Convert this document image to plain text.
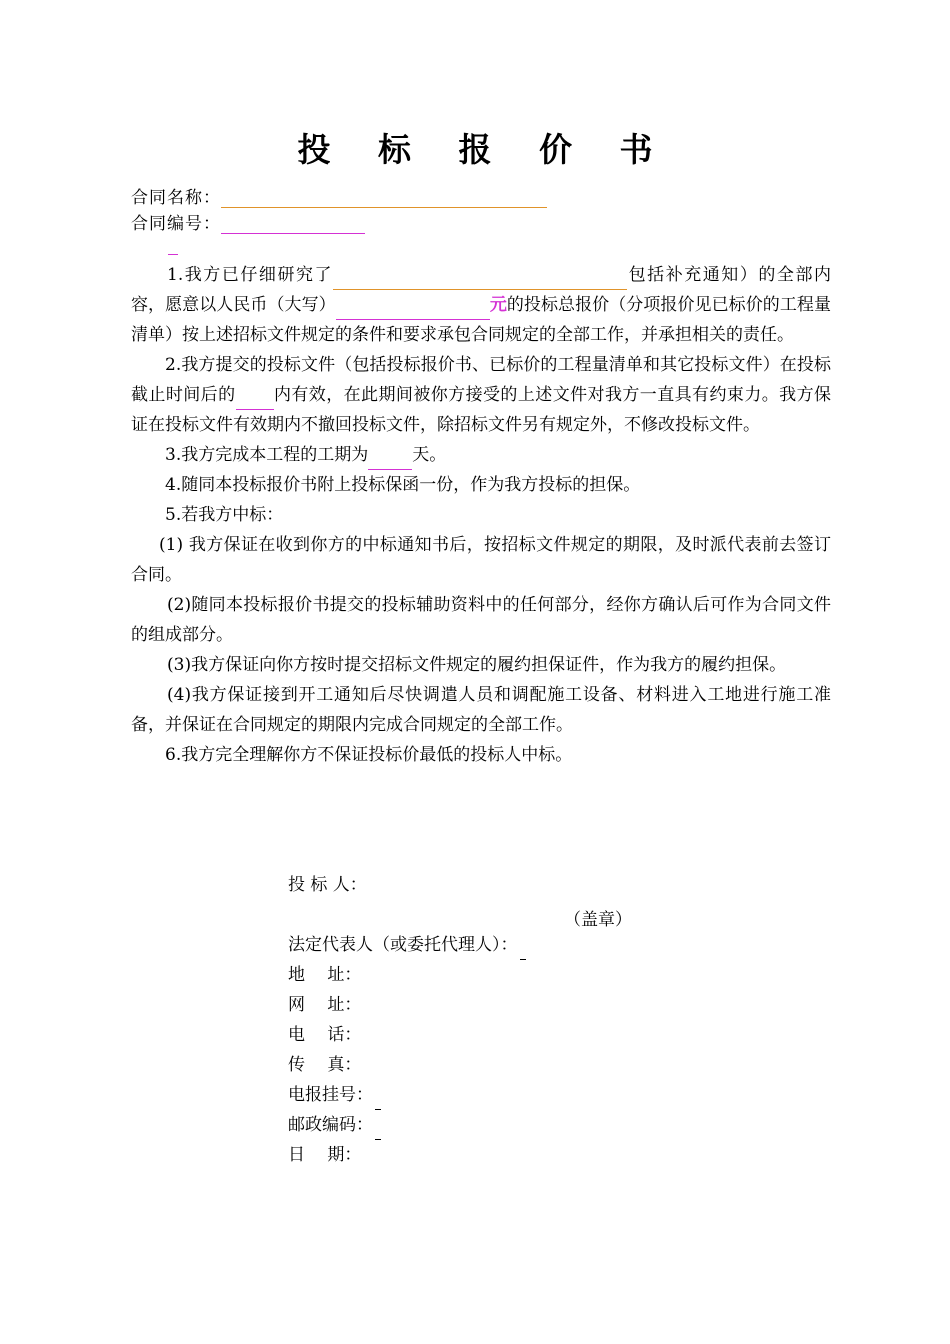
投 标 报 价 书
合同名称：
合同编号：

1.我方已仔细研究了	包括补充通知）的全部内容，愿意以人民币（大写）	元的投标总报价（分项报价见已标价的工程量清单）按上述招标文件规定的条件和要求承包合同规定的全部工作，并承担相关的责任。

2.我方提交的投标文件（包括投标报价书、已标价的工程量清单和其它投标文件）在投标截止时间后的 内有效，在此期间被你方接受的上述文件对我方一直具有约束力。我方保证在投标文件有效期内不撤回投标文件，除招标文件另有规定外，不修改投标文件。

3.我方完成本工程的工期为	天。

4.随同本投标报价书附上投标保函一份，作为我方投标的担保。

5.若我方中标：

(1) 我方保证在收到你方的中标通知书后，按招标文件规定的期限，及时派代表前去签订合同。

(2)随同本投标报价书提交的投标辅助资料中的任何部分，经你方确认后可作为合同文件的组成部分。

(3)我方保证向你方按时提交招标文件规定的履约担保证件，作为我方的履约担保。

(4)我方保证接到开工通知后尽快调遣人员和调配施工设备、材料进入工地进行施工准备，并保证在合同规定的期限内完成合同规定的全部工作。

6.我方完全理解你方不保证投标价最低的投标人中标。

投 标 人：
法定代表人（或委托代理人）：
地　 址：
网　 址：
电　 话：
传　 真：
电报挂号：
邮政编码：
日　 期：
（盖章）
